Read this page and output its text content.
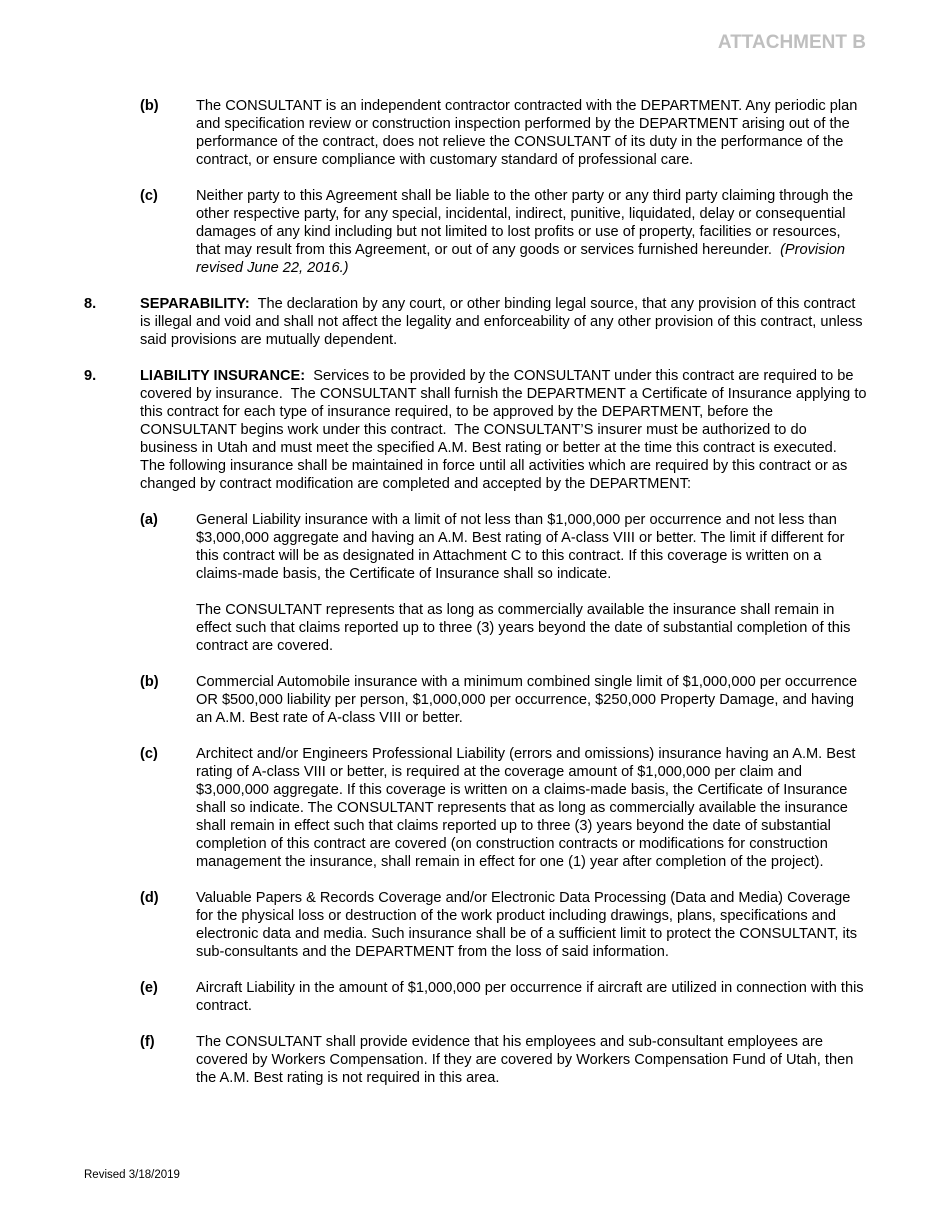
ATTACHMENT B
(b)	The CONSULTANT is an independent contractor contracted with the DEPARTMENT. Any periodic plan and specification review or construction inspection performed by the DEPARTMENT arising out of the performance of the contract, does not relieve the CONSULTANT of its duty in the performance of the contract, or ensure compliance with customary standard of professional care.
(c)	Neither party to this Agreement shall be liable to the other party or any third party claiming through the other respective party, for any special, incidental, indirect, punitive, liquidated, delay or consequential damages of any kind including but not limited to lost profits or use of property, facilities or resources, that may result from this Agreement, or out of any goods or services furnished hereunder.  (Provision revised June 22, 2016.)
8.	SEPARABILITY:  The declaration by any court, or other binding legal source, that any provision of this contract is illegal and void and shall not affect the legality and enforceability of any other provision of this contract, unless said provisions are mutually dependent.
9.	LIABILITY INSURANCE:  Services to be provided by the CONSULTANT under this contract are required to be covered by insurance.  The CONSULTANT shall furnish the DEPARTMENT a Certificate of Insurance applying to this contract for each type of insurance required, to be approved by the DEPARTMENT, before the CONSULTANT begins work under this contract.  The CONSULTANT’S insurer must be authorized to do business in Utah and must meet the specified A.M. Best rating or better at the time this contract is executed.  The following insurance shall be maintained in force until all activities which are required by this contract or as changed by contract modification are completed and accepted by the DEPARTMENT:
(a)	General Liability insurance with a limit of not less than $1,000,000 per occurrence and not less than $3,000,000 aggregate and having an A.M. Best rating of A-class VIII or better. The limit if different for this contract will be as designated in Attachment C to this contract. If this coverage is written on a claims-made basis, the Certificate of Insurance shall so indicate.
The CONSULTANT represents that as long as commercially available the insurance shall remain in effect such that claims reported up to three (3) years beyond the date of substantial completion of this contract are covered.
(b)	Commercial Automobile insurance with a minimum combined single limit of $1,000,000 per occurrence OR $500,000 liability per person, $1,000,000 per occurrence, $250,000 Property Damage, and having an A.M. Best rate of A-class VIII or better.
(c)	Architect and/or Engineers Professional Liability (errors and omissions) insurance having an A.M. Best rating of A-class VIII or better, is required at the coverage amount of $1,000,000 per claim and $3,000,000 aggregate. If this coverage is written on a claims-made basis, the Certificate of Insurance shall so indicate. The CONSULTANT represents that as long as commercially available the insurance shall remain in effect such that claims reported up to three (3) years beyond the date of substantial completion of this contract are covered (on construction contracts or modifications for construction management the insurance, shall remain in effect for one (1) year after completion of the project).
(d)	Valuable Papers & Records Coverage and/or Electronic Data Processing (Data and Media) Coverage for the physical loss or destruction of the work product including drawings, plans, specifications and electronic data and media. Such insurance shall be of a sufficient limit to protect the CONSULTANT, its sub-consultants and the DEPARTMENT from the loss of said information.
(e)	Aircraft Liability in the amount of $1,000,000 per occurrence if aircraft are utilized in connection with this contract.
(f)	The CONSULTANT shall provide evidence that his employees and sub-consultant employees are covered by Workers Compensation. If they are covered by Workers Compensation Fund of Utah, then the A.M. Best rating is not required in this area.
Revised 3/18/2019
